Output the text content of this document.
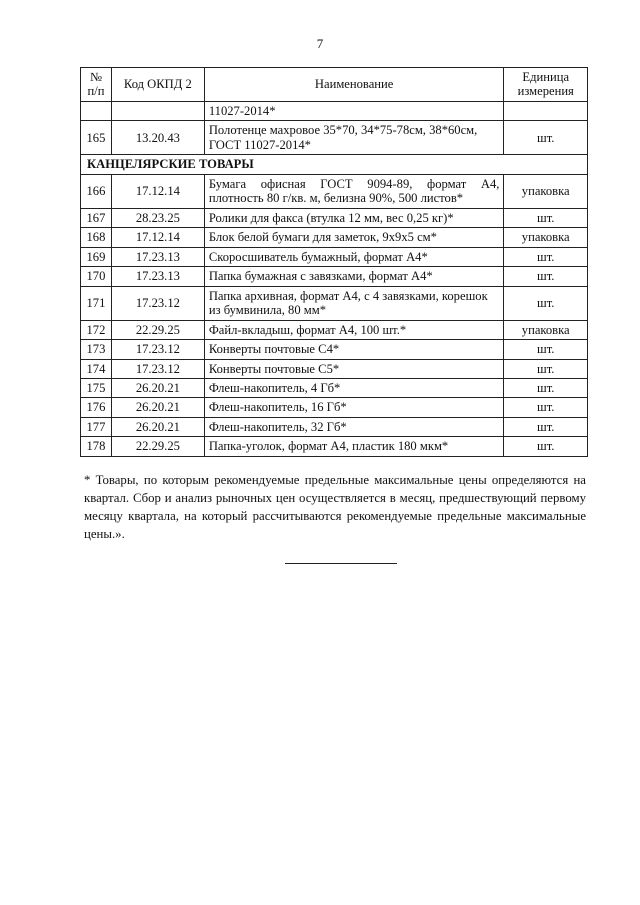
7
№ п/п	Код ОКПД 2	Наименование	Единица измерения
		11027-2014*	
165	13.20.43	Полотенце махровое 35*70, 34*75-78см, 38*60см, ГОСТ 11027-2014*	шт.
КАНЦЕЛЯРСКИЕ ТОВАРЫ			
166	17.12.14	Бумага офисная ГОСТ 9094-89, формат А4, плотность 80 г/кв. м, белизна 90%, 500 листов*	упаковка
167	28.23.25	Ролики для факса (втулка 12 мм, вес 0,25 кг)*	шт.
168	17.12.14	Блок белой бумаги для заметок, 9х9х5 см*	упаковка
169	17.23.13	Скоросшиватель бумажный, формат А4*	шт.
170	17.23.13	Папка бумажная с завязками, формат А4*	шт.
171	17.23.12	Папка архивная, формат А4, с 4 завязками, корешок из бумвинила, 80 мм*	шт.
172	22.29.25	Файл-вкладыш, формат А4, 100 шт.*	упаковка
173	17.23.12	Конверты почтовые С4*	шт.
174	17.23.12	Конверты почтовые С5*	шт.
175	26.20.21	Флеш-накопитель, 4 Гб*	шт.
176	26.20.21	Флеш-накопитель, 16 Гб*	шт.
177	26.20.21	Флеш-накопитель, 32 Гб*	шт.
178	22.29.25	Папка-уголок, формат А4, пластик 180 мкм*	шт.
* Товары, по которым рекомендуемые предельные максимальные цены определяются на квартал. Сбор и анализ рыночных цен осуществляется в месяц, предшествующий первому месяцу квартала, на который рассчитываются рекомендуемые предельные максимальные цены.».
